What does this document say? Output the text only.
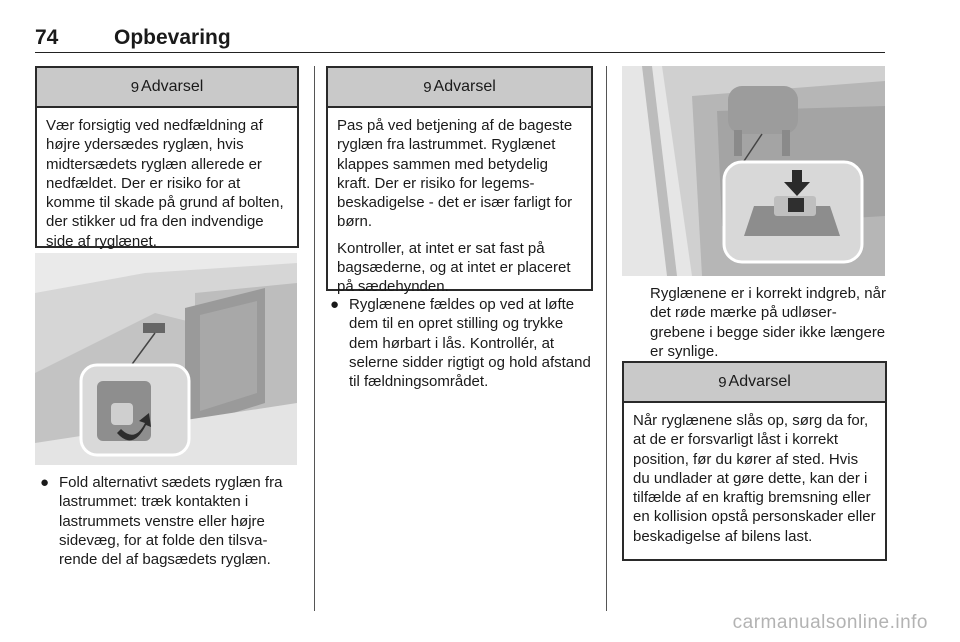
74	Opbevaring
9 Advarsel

Vær forsigtig ved nedfældning af højre ydersædes ryglæn, hvis midtersædets ryglæn allerede er nedfældet. Der er risiko for at komme til skade på grund af bolten, der stikker ud fra den indvendige side af ryglænet.

● Fold alternativt sædets ryglæn fra lastrummet: træk kontakten i lastrummets venstre eller højre sidevæg, for at folde den tilsvarende del af bagsædets ryglæn.
9 Advarsel

Pas på ved betjening af de bageste ryglæn fra lastrummet. Ryglænet klappes sammen med betydelig kraft. Der er risiko for legemsbeskadigelse - det er især farligt for børn.

Kontroller, at intet er sat fast på bagsæderne, og at intet er placeret på sædehynden.

● Ryglænene fældes op ved at løfte dem til en opret stilling og trykke dem hørbart i lås. Kontrollér, at selerne sidder rigtigt og hold afstand til fældningsområdet.
Ryglænene er i korrekt indgreb, når det røde mærke på udløsergrebene i begge sider ikke længere er synlige.
9 Advarsel

Når ryglænene slås op, sørg da for, at de er forsvarligt låst i korrekt position, før du kører af sted. Hvis du undlader at gøre dette, kan der i tilfælde af en kraftig bremsning eller en kollision opstå personskader eller beskadigelse af bilens last.

carmanualsonline.info
